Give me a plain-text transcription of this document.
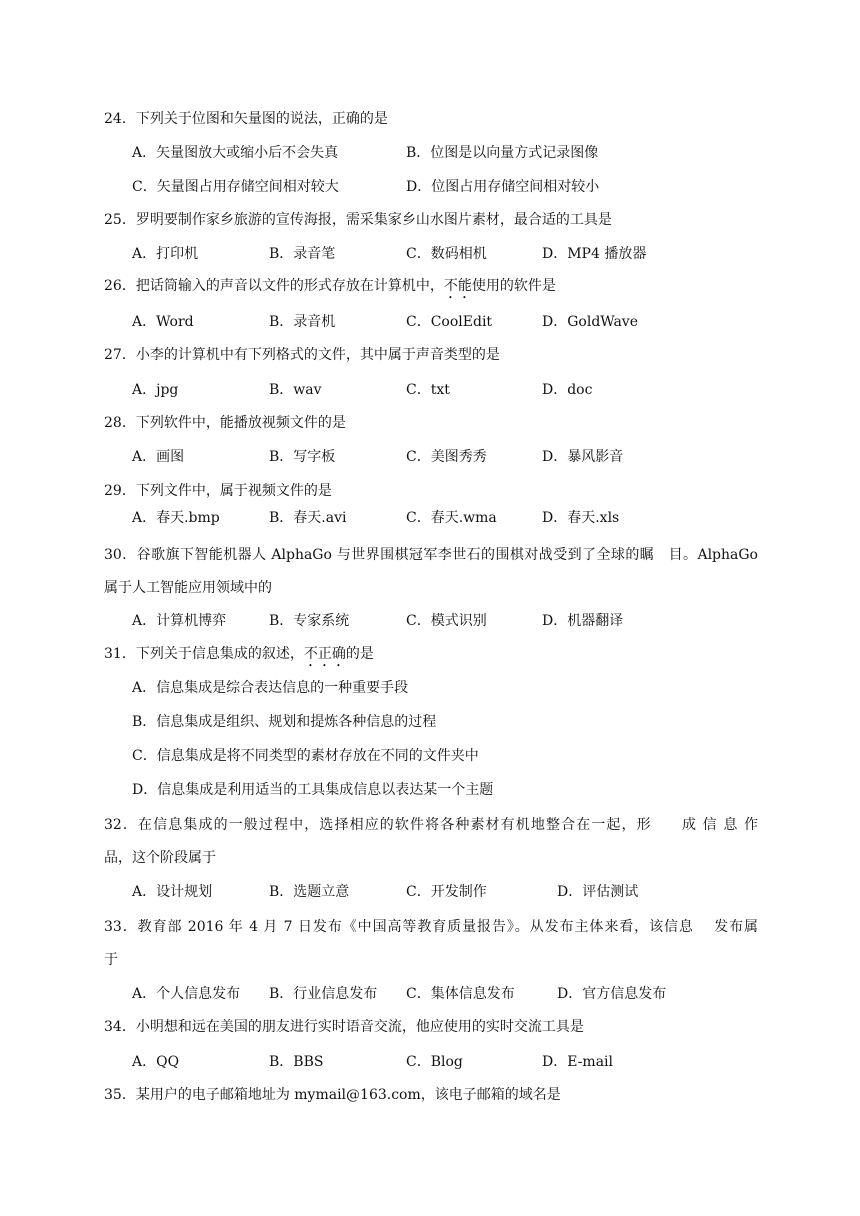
24．下列关于位图和矢量图的说法，正确的是
A．矢量图放大或缩小后不会失真	B．位图是以向量方式记录图像
C．矢量图占用存储空间相对较大	D．位图占用存储空间相对较小
25．罗明要制作家乡旅游的宣传海报，需采集家乡山水图片素材，最合适的工具是
A．打印机	B．录音笔	C．数码相机	D．MP4 播放器
26．把话筒输入的声音以文件的形式存放在计算机中，不能使用的软件是
A．Word	B．录音机	C．CoolEdit	D．GoldWave
27．小李的计算机中有下列格式的文件，其中属于声音类型的是
A．jpg	B．wav	C．txt	D．doc
28．下列软件中，能播放视频文件的是
A．画图	B．写字板	C．美图秀秀	D．暴风影音
29．下列文件中，属于视频文件的是
A．春天.bmp	B．春天.avi	C．春天.wma	D．春天.xls
30．谷歌旗下智能机器人 AlphaGo 与世界围棋冠军李世石的围棋对战受到了全球的瞩　目。AlphaGo
属于人工智能应用领域中的
A．计算机博弈	B．专家系统	C．模式识别	D．机器翻译
31．下列关于信息集成的叙述，不正确的是
A．信息集成是综合表达信息的一种重要手段
B．信息集成是组织、规划和提炼各种信息的过程
C．信息集成是将不同类型的素材存放在不同的文件夹中
D．信息集成是利用适当的工具集成信息以表达某一个主题
32．在信息集成的一般过程中，选择相应的软件将各种素材有机地整合在一起，形　　成 信 息 作
品，这个阶段属于
A．设计规划	B．选题立意	C．开发制作	D．评估测试
33．教育部 2016 年 4 月 7 日发布《中国高等教育质量报告》。从发布主体来看，该信息　 发布属
于
A．个人信息发布 B．行业信息发布 C．集体信息发布	D．官方信息发布
34．小明想和远在美国的朋友进行实时语音交流，他应使用的实时交流工具是
A．QQ	B．BBS	C．Blog	D．E-mail
35．某用户的电子邮箱地址为 mymail@163.com，该电子邮箱的域名是
